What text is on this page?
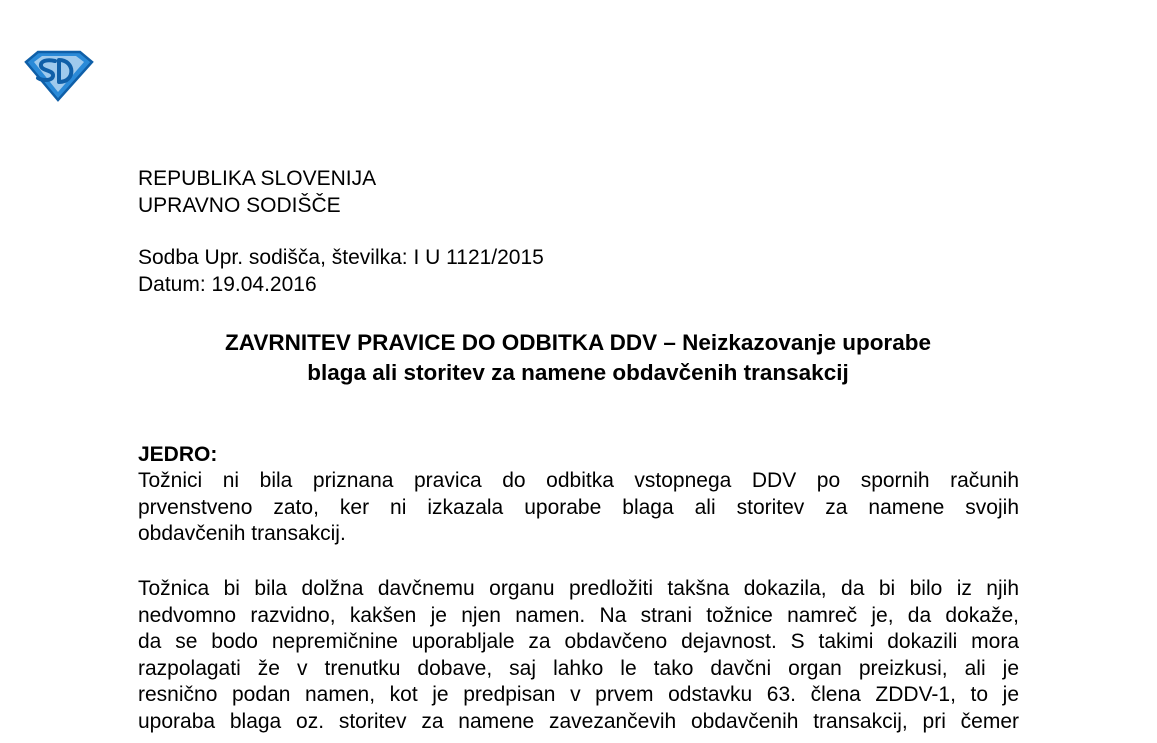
REPUBLIKA SLOVENIJA
UPRAVNO SODIŠČE
Sodba Upr. sodišča, številka: I U 1121/2015
Datum: 19.04.2016
ZAVRNITEV PRAVICE DO ODBITKA DDV – Neizkazovanje uporabe
blaga ali storitev za namene obdavčenih transakcij
JEDRO:
Tožnici ni bila priznana pravica do odbitka vstopnega DDV po spornih računih
prvenstveno zato, ker ni izkazala uporabe blaga ali storitev za namene svojih
obdavčenih transakcij.
Tožnica bi bila dolžna davčnemu organu predložiti takšna dokazila, da bi bilo iz njih
nedvomno razvidno, kakšen je njen namen. Na strani tožnice namreč je, da dokaže,
da se bodo nepremičnine uporabljale za obdavčeno dejavnost. S takimi dokazili mora
razpolagati že v trenutku dobave, saj lahko le tako davčni organ preizkusi, ali je
resnično podan namen, kot je predpisan v prvem odstavku 63. člena ZDDV-1, to je
uporaba blaga oz. storitev za namene zavezančevih obdavčenih transakcij, pri čemer
